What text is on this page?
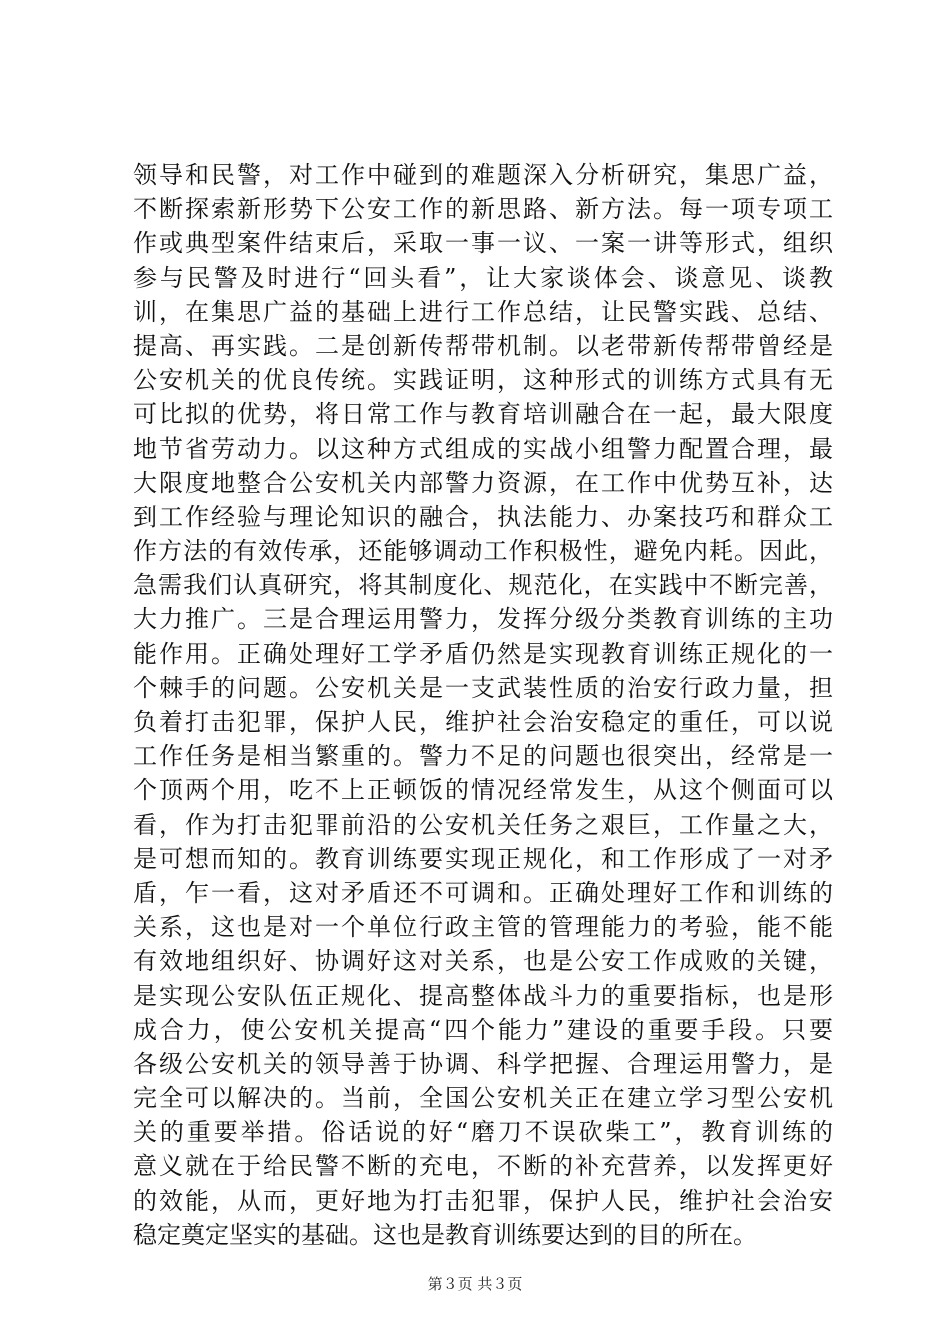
领导和民警，对工作中碰到的难题深入分析研究，集思广益，
不断探索新形势下公安工作的新思路、新方法。每一项专项工
作或典型案件结束后，采取一事一议、一案一讲等形式，组织
参与民警及时进行“回头看”，让大家谈体会、谈意见、谈教
训，在集思广益的基础上进行工作总结，让民警实践、总结、
提高、再实践。二是创新传帮带机制。以老带新传帮带曾经是
公安机关的优良传统。实践证明，这种形式的训练方式具有无
可比拟的优势，将日常工作与教育培训融合在一起，最大限度
地节省劳动力。以这种方式组成的实战小组警力配置合理，最
大限度地整合公安机关内部警力资源，在工作中优势互补，达
到工作经验与理论知识的融合，执法能力、办案技巧和群众工
作方法的有效传承，还能够调动工作积极性，避免内耗。因此，
急需我们认真研究，将其制度化、规范化，在实践中不断完善，
大力推广。三是合理运用警力，发挥分级分类教育训练的主功
能作用。正确处理好工学矛盾仍然是实现教育训练正规化的一
个棘手的问题。公安机关是一支武装性质的治安行政力量，担
负着打击犯罪，保护人民，维护社会治安稳定的重任，可以说
工作任务是相当繁重的。警力不足的问题也很突出，经常是一
个顶两个用，吃不上正顿饭的情况经常发生，从这个侧面可以
看，作为打击犯罪前沿的公安机关任务之艰巨，工作量之大，
是可想而知的。教育训练要实现正规化，和工作形成了一对矛
盾，乍一看，这对矛盾还不可调和。正确处理好工作和训练的
关系，这也是对一个单位行政主管的管理能力的考验，能不能
有效地组织好、协调好这对关系，也是公安工作成败的关键，
是实现公安队伍正规化、提高整体战斗力的重要指标，也是形
成合力，使公安机关提高“四个能力”建设的重要手段。只要
各级公安机关的领导善于协调、科学把握、合理运用警力，是
完全可以解决的。当前，全国公安机关正在建立学习型公安机
关的重要举措。俗话说的好“磨刀不误砍柴工”，教育训练的
意义就在于给民警不断的充电，不断的补充营养，以发挥更好
的效能，从而，更好地为打击犯罪，保护人民，维护社会治安
稳定奠定坚实的基础。这也是教育训练要达到的目的所在。
第３页 共３页
